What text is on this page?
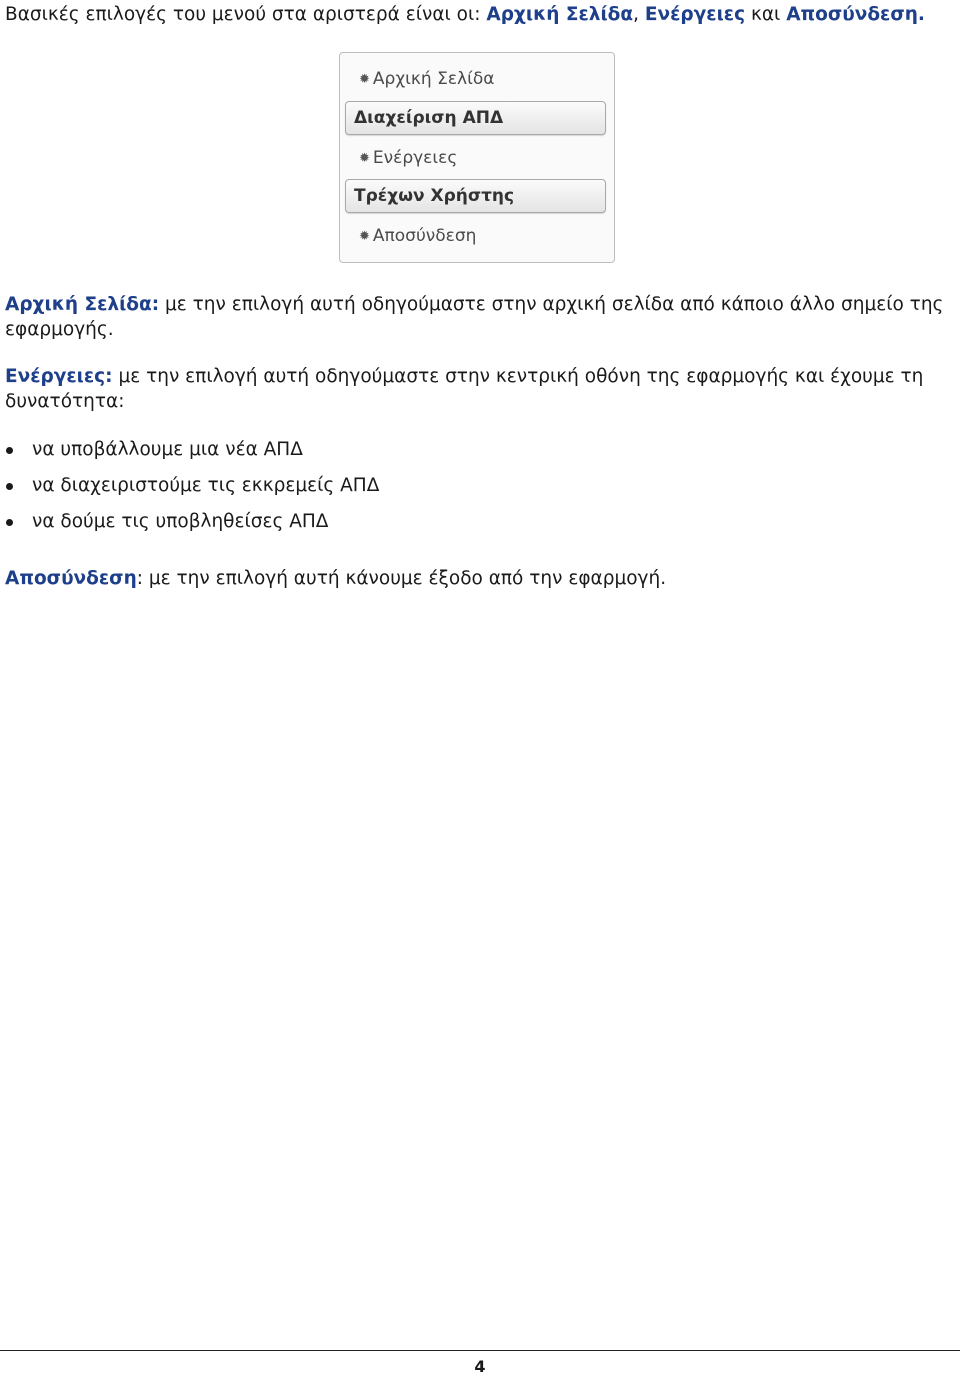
Βασικές επιλογές του μενού στα αριστερά είναι οι: Αρχική Σελίδα, Ενέργειες και Αποσύνδεση.

✹ Αρχική Σελίδα
Διαχείριση ΑΠΔ
✹ Ενέργειες
Τρέχων Χρήστης
✹ Αποσύνδεση

Αρχική Σελίδα: με την επιλογή αυτή οδηγούμαστε στην αρχική σελίδα από κάποιο άλλο σημείο της εφαρμογής.

Ενέργειες: με την επιλογή αυτή οδηγούμαστε στην κεντρική οθόνη της εφαρμογής και έχουμε τη δυνατότητα:

να υποβάλλουμε μια νέα ΑΠΔ
να διαχειριστούμε τις εκκρεμείς ΑΠΔ
να δούμε τις υποβληθείσες ΑΠΔ

Αποσύνδεση: με την επιλογή αυτή κάνουμε έξοδο από την εφαρμογή.

4
